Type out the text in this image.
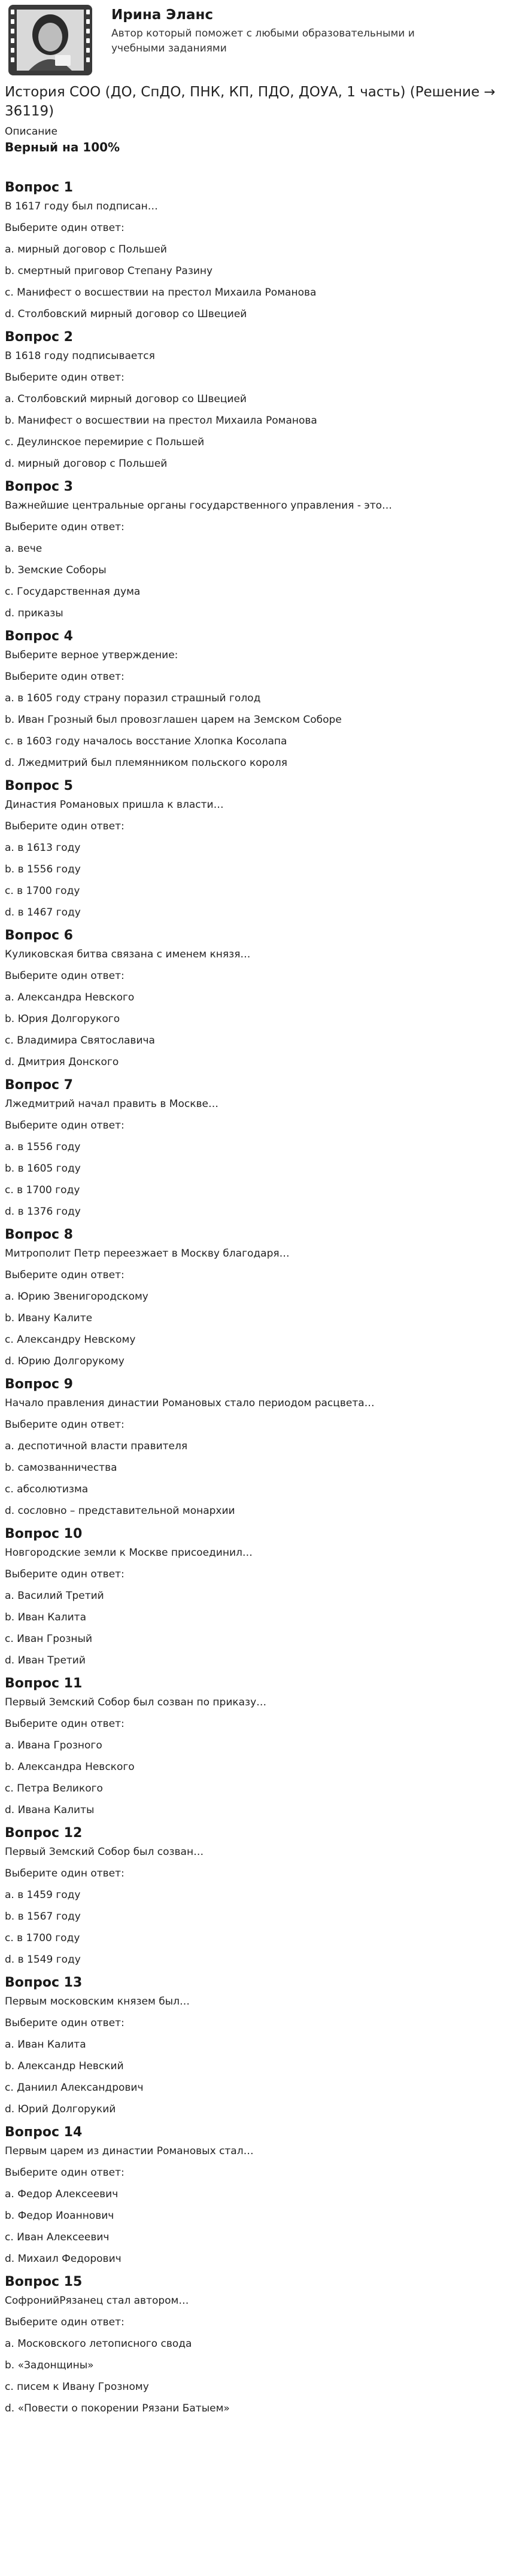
Ирина Эланс
Автор который поможет с любыми образовательными и учебными заданиями
История СОО (ДО, СпДО, ПНК, КП, ПДО, ДОУА, 1 часть) (Решение → 36119)
Описание
Верный на 100%
Вопрос 1
В 1617 году был подписан…
Выберите один ответ:
a. мирный договор с Польшей
b. смертный приговор Степану Разину
c. Манифест о восшествии на престол Михаила Романова
d. Столбовский мирный договор со Швецией
Вопрос 2
В 1618 году подписывается
Выберите один ответ:
a. Столбовский мирный договор со Швецией
b. Манифест о восшествии на престол Михаила Романова
c. Деулинское перемирие с Польшей
d. мирный договор с Польшей
Вопрос 3
Важнейшие центральные органы государственного управления - это…
Выберите один ответ:
a. вече
b. Земские Соборы
c. Государственная дума
d. приказы
Вопрос 4
Выберите верное утверждение:
Выберите один ответ:
a. в 1605 году страну поразил страшный голод
b. Иван Грозный был провозглашен царем на Земском Соборе
c. в 1603 году началось восстание Хлопка Косолапа
d. Лжедмитрий был племянником польского короля
Вопрос 5
Династия Романовых пришла к власти…
Выберите один ответ:
a. в 1613 году
b. в 1556 году
c. в 1700 году
d. в 1467 году
Вопрос 6
Куликовская битва связана с именем князя…
Выберите один ответ:
a. Александра Невского
b. Юрия Долгорукого
c. Владимира Святославича
d. Дмитрия Донского
Вопрос 7
Лжедмитрий начал править в Москве…
Выберите один ответ:
a. в 1556 году
b. в 1605 году
c. в 1700 году
d. в 1376 году
Вопрос 8
Митрополит Петр переезжает в Москву благодаря…
Выберите один ответ:
a. Юрию Звенигородскому
b. Ивану Калите
c. Александру Невскому
d. Юрию Долгорукому
Вопрос 9
Начало правления династии Романовых стало периодом расцвета…
Выберите один ответ:
a. деспотичной власти правителя
b. самозванничества
c. абсолютизма
d. сословно – представительной монархии
Вопрос 10
Новгородские земли к Москве присоединил…
Выберите один ответ:
a. Василий Третий
b. Иван Калита
c. Иван Грозный
d. Иван Третий
Вопрос 11
Первый Земский Собор был созван по приказу…
Выберите один ответ:
a. Ивана Грозного
b. Александра Невского
c. Петра Великого
d. Ивана Калиты
Вопрос 12
Первый Земский Собор был созван…
Выберите один ответ:
a. в 1459 году
b. в 1567 году
c. в 1700 году
d. в 1549 году
Вопрос 13
Первым московским князем был…
Выберите один ответ:
a. Иван Калита
b. Александр Невский
c. Даниил Александрович
d. Юрий Долгорукий
Вопрос 14
Первым царем из династии Романовых стал…
Выберите один ответ:
a. Федор Алексеевич
b. Федор Иоаннович
c. Иван Алексеевич
d. Михаил Федорович
Вопрос 15
СофронийРязанец стал автором…
Выберите один ответ:
a. Московского летописного свода
b. «Задонщины»
c. писем к Ивану Грозному
d. «Повести о покорении Рязани Батыем»
